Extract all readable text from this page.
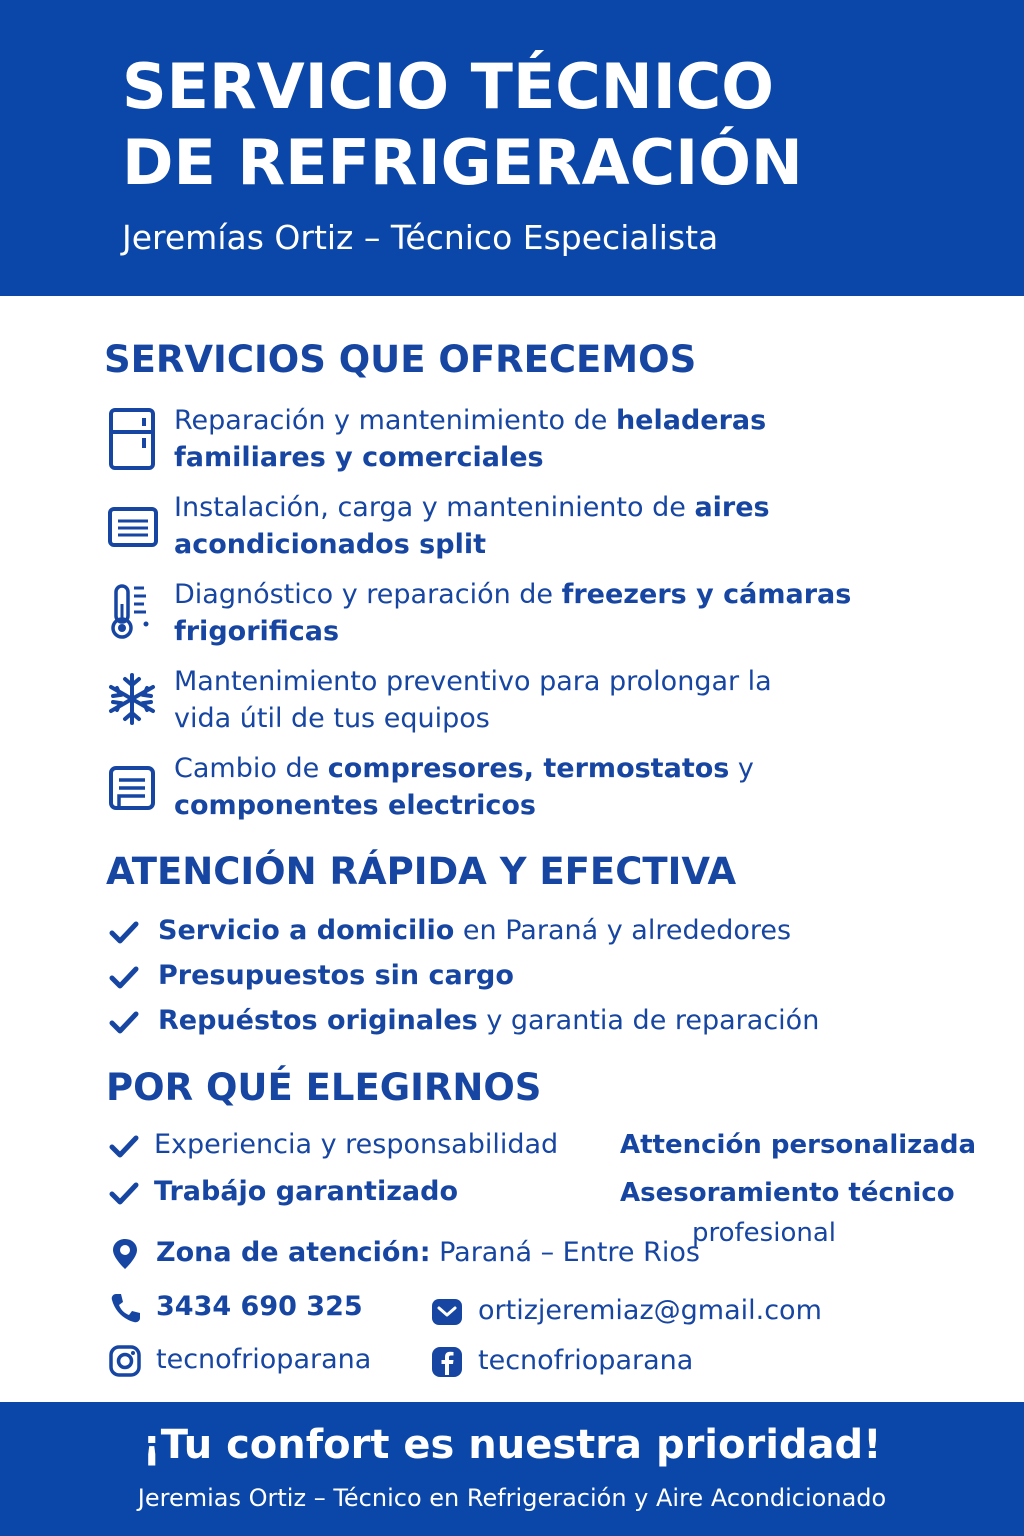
SERVICIO TÉCNICO
DE REFRIGERACIÓN
Jeremías Ortiz – Técnico Especialista
SERVICIOS QUE OFRECEMOS
Reparación y mantenimiento de heladeras
familiares y comerciales
Instalación, carga y manteniniento de aires
acondicionados split
Diagnóstico y reparación de freezers y cámaras
frigorificas
Mantenimiento preventivo para prolongar la
vida útil de tus equipos
Cambio de compresores, termostatos y
componentes electricos
ATENCIÓN RÁPIDA Y EFECTIVA
Servicio a domicilio en Paraná y alrededores
Presupuestos sin cargo
Repuéstos originales y garantia de reparación
POR QUÉ ELEGIRNOS
Experiencia y responsabilidad
Trabájo garantizado
Attención personalizada
Asesoramiento técnico
profesional
Zona de atención: Paraná – Entre Rios
3434 690 325	ortizjeremiaz@gmail.com
tecnofrioparana	tecnofrioparana
¡Tu confort es nuestra prioridad!
Jeremias Ortiz – Técnico en Refrigeración y Aire Acondicionado
